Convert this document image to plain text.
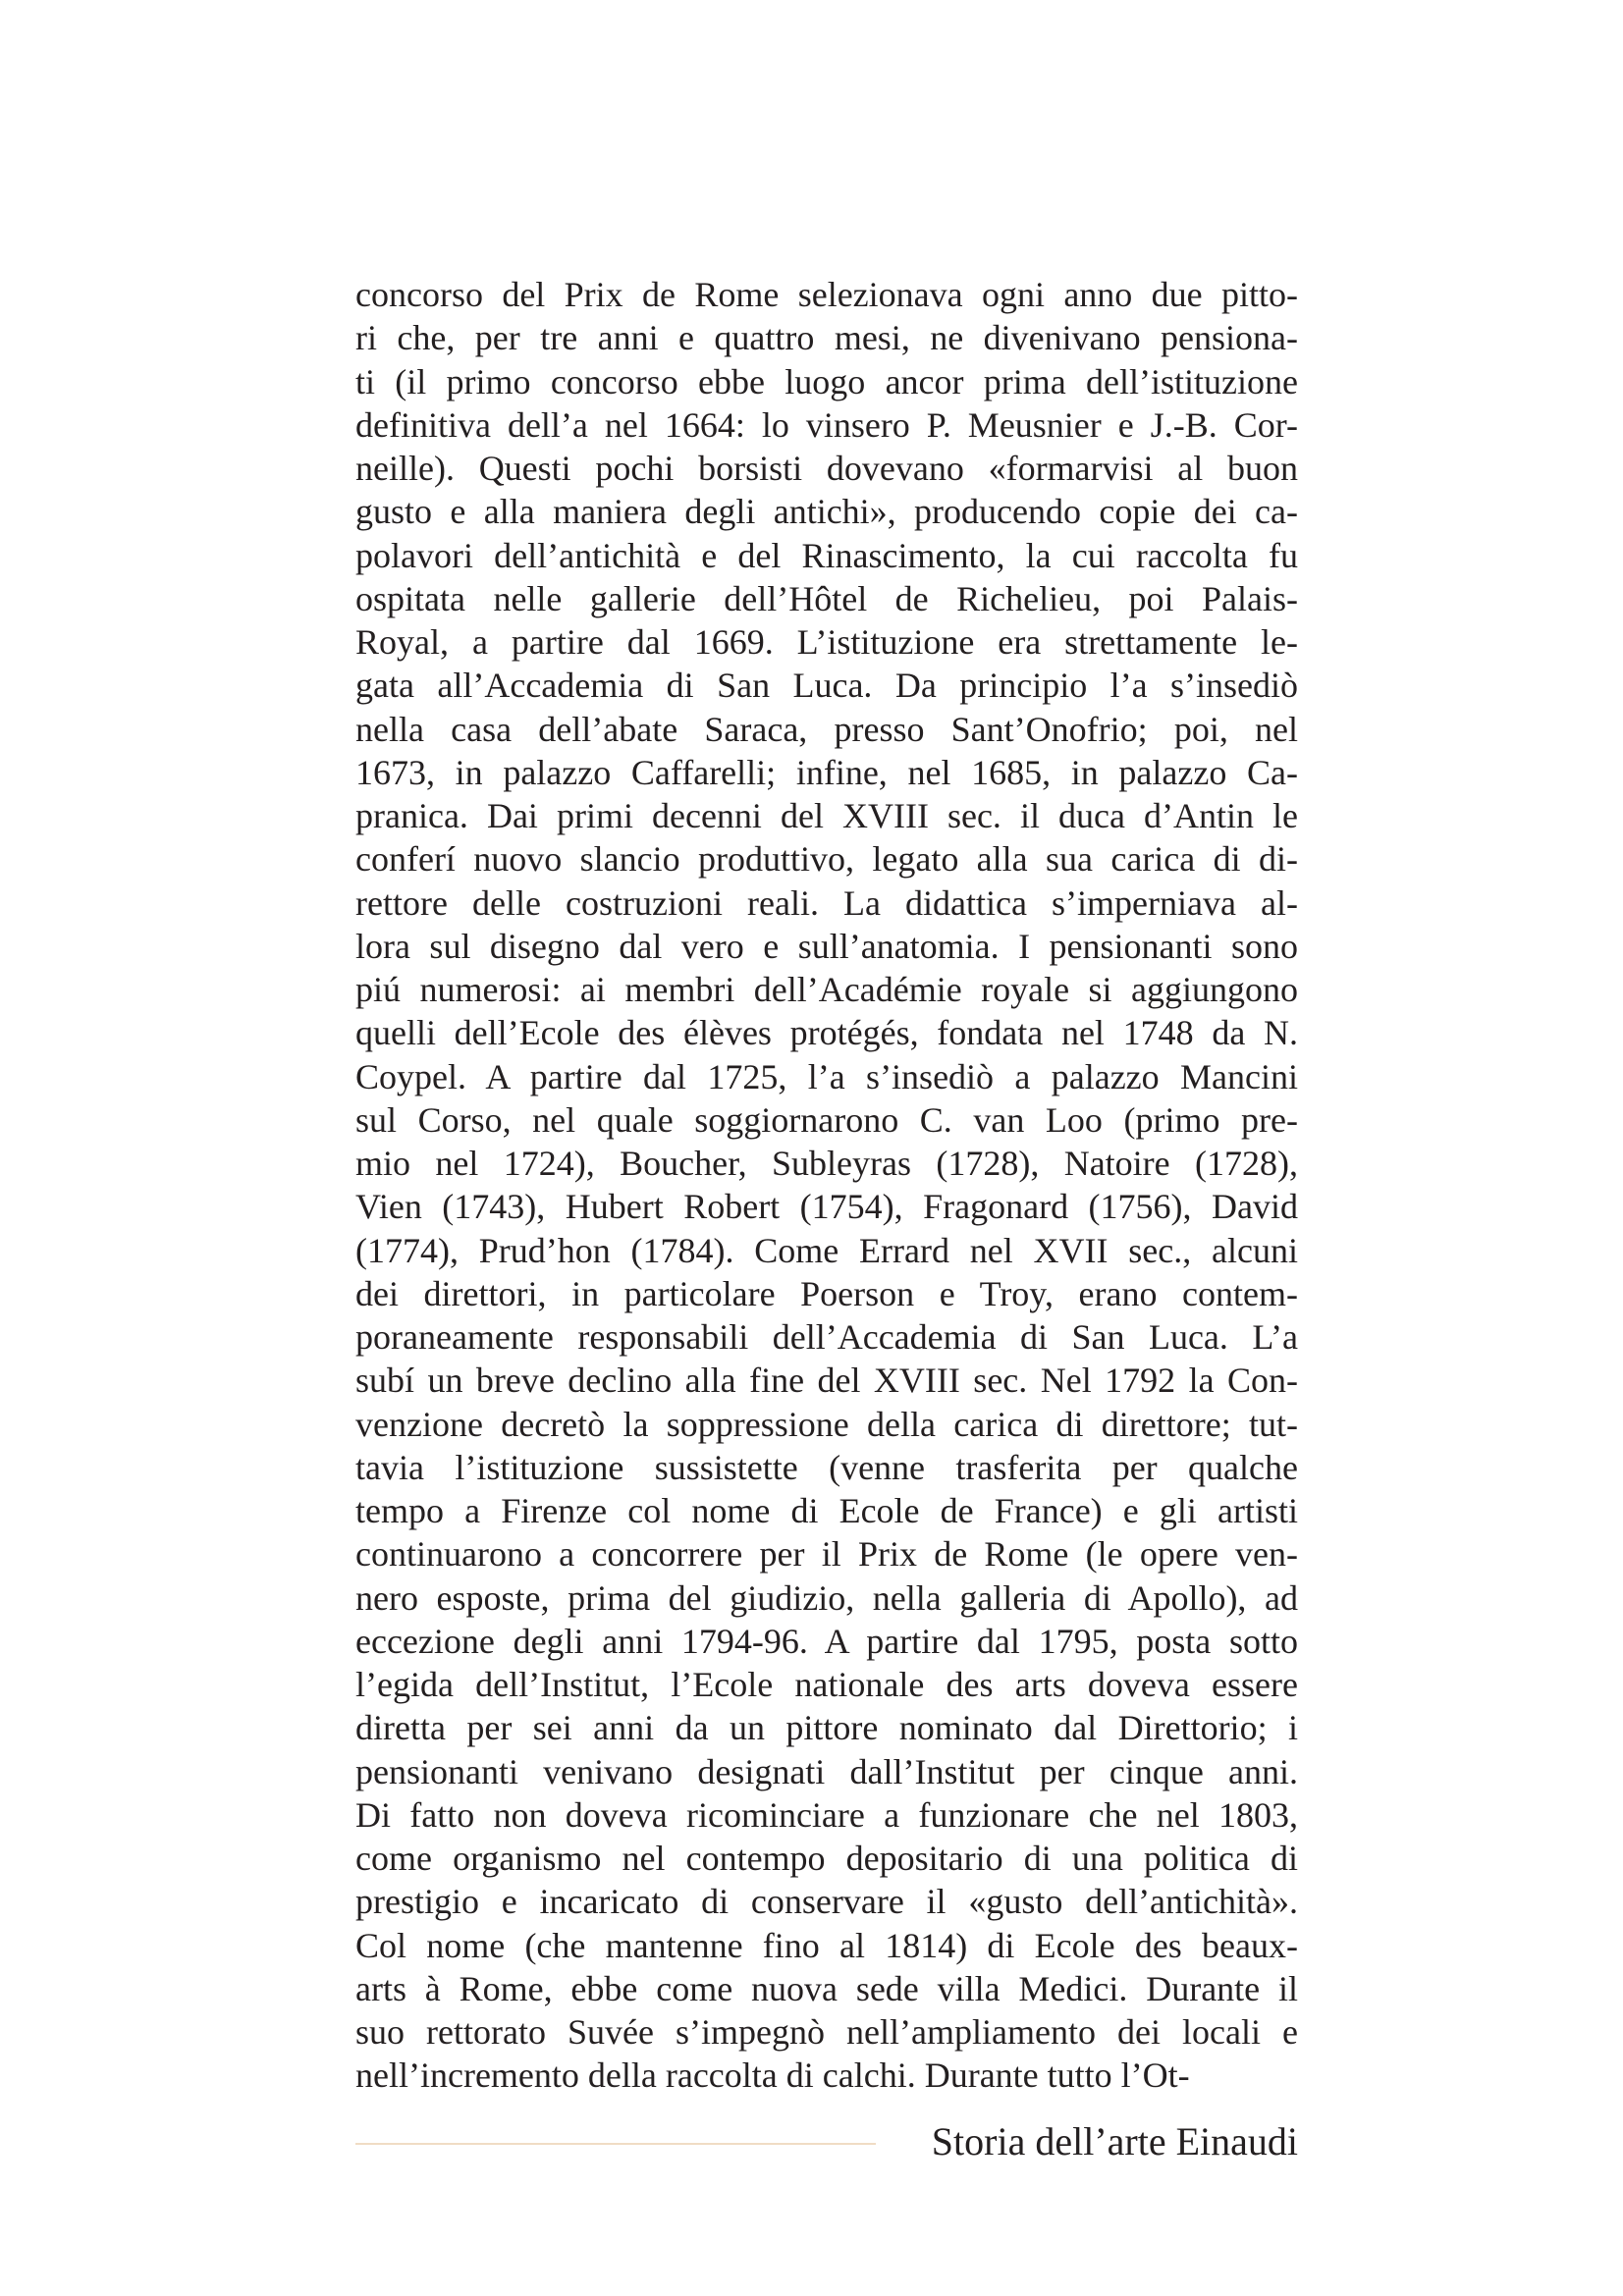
concorso del Prix de Rome selezionava ogni anno due pitto-
ri che, per tre anni e quattro mesi, ne divenivano pensiona-
ti (il primo concorso ebbe luogo ancor prima dell’istituzione
definitiva dell’a nel 1664: lo vinsero P. Meusnier e J.-B. Cor-
neille). Questi pochi borsisti dovevano «formarvisi al buon
gusto e alla maniera degli antichi», producendo copie dei ca-
polavori dell’antichità e del Rinascimento, la cui raccolta fu
ospitata nelle gallerie dell’Hôtel de Richelieu, poi Palais-
Royal, a partire dal 1669. L’istituzione era strettamente le-
gata all’Accademia di San Luca. Da principio l’a s’insediò
nella casa dell’abate Saraca, presso Sant’Onofrio; poi, nel
1673, in palazzo Caffarelli; infine, nel 1685, in palazzo Ca-
pranica. Dai primi decenni del XVIII sec. il duca d’Antin le
conferí nuovo slancio produttivo, legato alla sua carica di di-
rettore delle costruzioni reali. La didattica s’imperniava al-
lora sul disegno dal vero e sull’anatomia. I pensionanti sono
piú numerosi: ai membri dell’Académie royale si aggiungono
quelli dell’Ecole des élèves protégés, fondata nel 1748 da N.
Coypel. A partire dal 1725, l’a s’insediò a palazzo Mancini
sul Corso, nel quale soggiornarono C. van Loo (primo pre-
mio nel 1724), Boucher, Subleyras (1728), Natoire (1728),
Vien (1743), Hubert Robert (1754), Fragonard (1756), David
(1774), Prud’hon (1784). Come Errard nel XVII sec., alcuni
dei direttori, in particolare Poerson e Troy, erano contem-
poraneamente responsabili dell’Accademia di San Luca. L’a
subí un breve declino alla fine del XVIII sec. Nel 1792 la Con-
venzione decretò la soppressione della carica di direttore; tut-
tavia l’istituzione sussistette (venne trasferita per qualche
tempo a Firenze col nome di Ecole de France) e gli artisti
continuarono a concorrere per il Prix de Rome (le opere ven-
nero esposte, prima del giudizio, nella galleria di Apollo), ad
eccezione degli anni 1794-96. A partire dal 1795, posta sotto
l’egida dell’Institut, l’Ecole nationale des arts doveva essere
diretta per sei anni da un pittore nominato dal Direttorio; i
pensionanti venivano designati dall’Institut per cinque anni.
Di fatto non doveva ricominciare a funzionare che nel 1803,
come organismo nel contempo depositario di una politica di
prestigio e incaricato di conservare il «gusto dell’antichità».
Col nome (che mantenne fino al 1814) di Ecole des beaux-
arts à Rome, ebbe come nuova sede villa Medici. Durante il
suo rettorato Suvée s’impegnò nell’ampliamento dei locali e
nell’incremento della raccolta di calchi. Durante tutto l’Ot-
Storia dell’arte Einaudi
